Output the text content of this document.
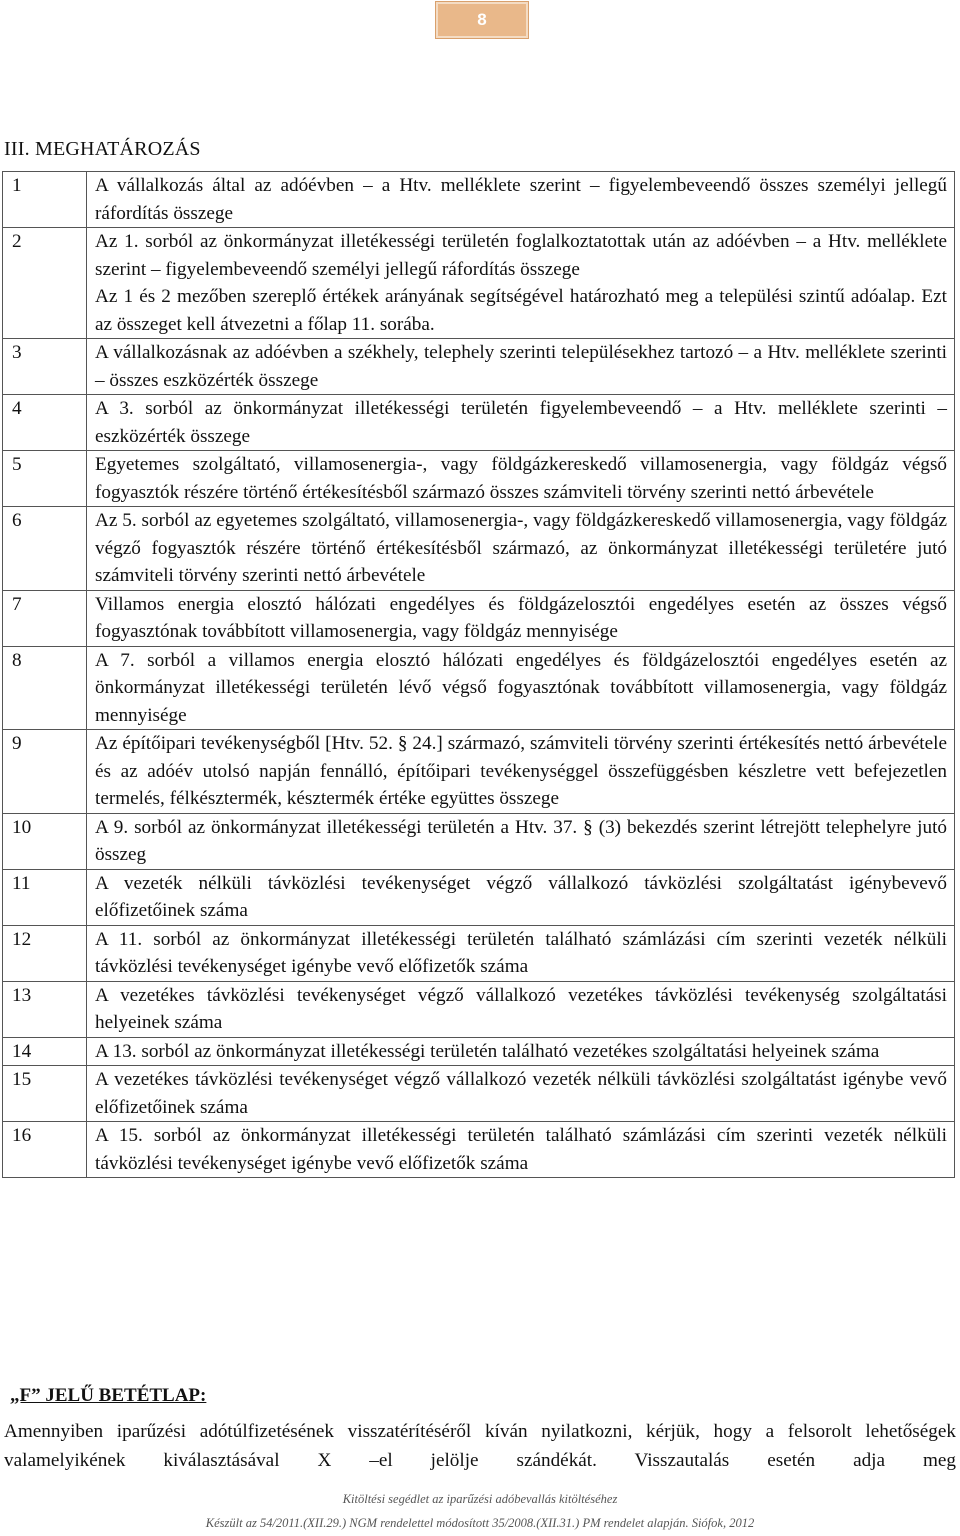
8
III. MEGHATÁROZÁS
1	A vállalkozás által az adóévben – a Htv. melléklete szerint – figyelembeveendő összes személyi jellegű ráfordítás összege
2	Az 1. sorból az önkormányzat illetékességi területén foglalkoztatottak után az adóévben – a Htv. melléklete szerint – figyelembeveendő személyi jellegű ráfordítás összege
Az 1 és 2 mezőben szereplő értékek arányának segítségével határozható meg a települési szintű adóalap. Ezt az összeget kell átvezetni a főlap 11. sorába.

3	A vállalkozásnak az adóévben a székhely, telephely szerinti településekhez tartozó – a Htv. melléklete szerinti – összes eszközérték összege
4	A 3. sorból az önkormányzat illetékességi területén figyelembeveendő – a Htv. melléklete szerinti – eszközérték összege
5	Egyetemes szolgáltató, villamosenergia-, vagy földgázkereskedő villamosenergia, vagy földgáz végső fogyasztók részére történő értékesítésből származó összes számviteli törvény szerinti nettó árbevétele
6	Az 5. sorból az egyetemes szolgáltató, villamosenergia-, vagy földgázkereskedő villamosenergia, vagy földgáz végző fogyasztók részére történő értékesítésből származó, az önkormányzat illetékességi területére jutó számviteli törvény szerinti nettó árbevétele
7	Villamos energia elosztó hálózati engedélyes és földgázelosztói engedélyes esetén az összes végső fogyasztónak továbbított villamosenergia, vagy földgáz mennyisége
8	A 7. sorból a villamos energia elosztó hálózati engedélyes és földgázelosztói engedélyes esetén az önkormányzat illetékességi területén lévő végső fogyasztónak továbbított villamosenergia, vagy földgáz mennyisége
9	Az építőipari tevékenységből [Htv. 52. § 24.] származó, számviteli törvény szerinti értékesítés nettó árbevétele és az adóév utolsó napján fennálló, építőipari tevékenységgel összefüggésben készletre vett befejezetlen termelés, félkésztermék, késztermék értéke együttes összege
10	A 9. sorból az önkormányzat illetékességi területén a Htv. 37. § (3) bekezdés szerint létrejött telephelyre jutó összeg
11	A vezeték nélküli távközlési tevékenységet végző vállalkozó távközlési szolgáltatást igénybevevő előfizetőinek száma
12	A 11. sorból az önkormányzat illetékességi területén található számlázási cím szerinti vezeték nélküli távközlési tevékenységet igénybe vevő előfizetők száma
13	A vezetékes távközlési tevékenységet végző vállalkozó vezetékes távközlési tevékenység szolgáltatási helyeinek száma
14	A 13. sorból az önkormányzat illetékességi területén található vezetékes szolgáltatási helyeinek száma
15	A vezetékes távközlési tevékenységet végző vállalkozó vezeték nélküli távközlési szolgáltatást igénybe vevő előfizetőinek száma
16	A 15. sorból az önkormányzat illetékességi területén található számlázási cím szerinti vezeték nélküli távközlési tevékenységet igénybe vevő előfizetők száma
„F” JELŰ BETÉTLAP:
Amennyiben iparűzési adótúlfizetésének visszatérítéséről kíván nyilatkozni, kérjük, hogy a felsorolt lehetőségek valamelyikének kiválasztásával X –el jelölje szándékát. Visszautalás esetén adja meg
Kitöltési segédlet az iparűzési adóbevallás kitöltéséhez
Készült az 54/2011.(XII.29.) NGM rendelettel módosított 35/2008.(XII.31.) PM rendelet alapján. Siófok, 2012
